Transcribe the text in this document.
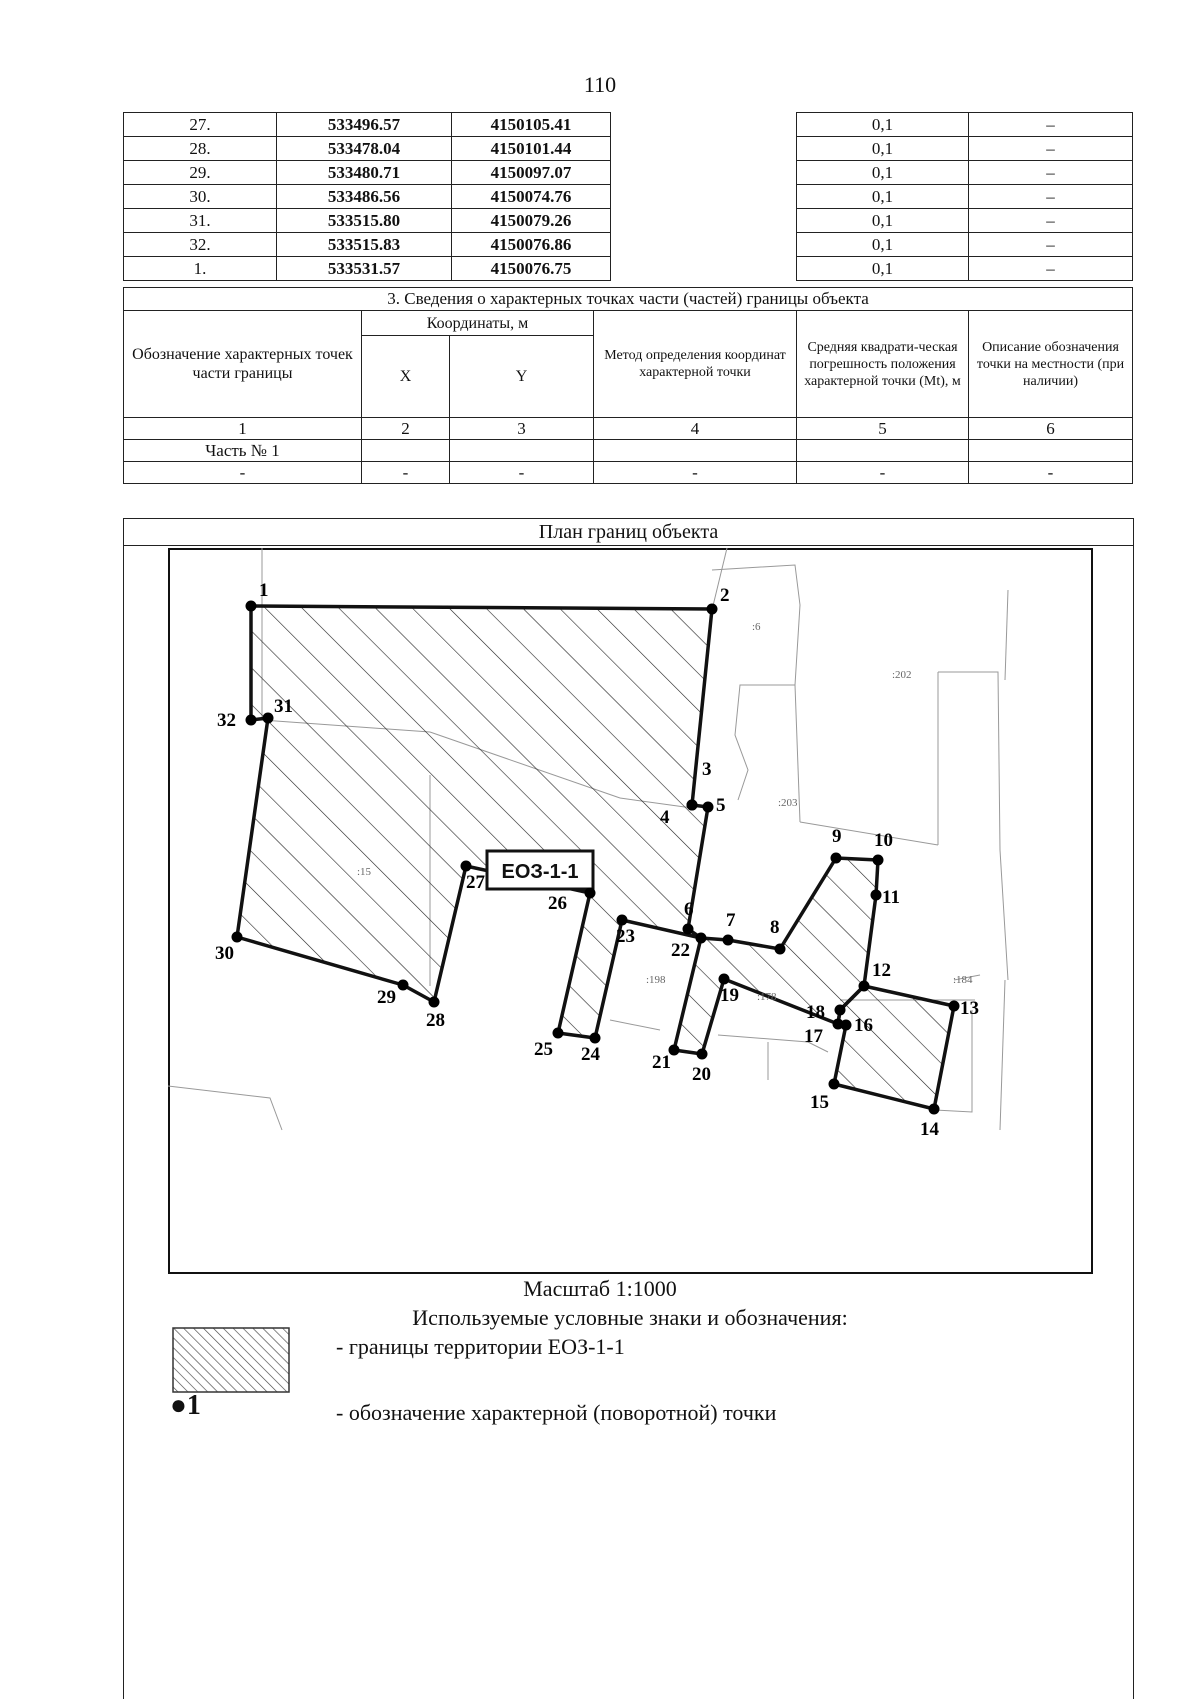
110
27.	533496.57	4150105.41		0,1	–
28.	533478.04	4150101.44		0,1	–
29.	533480.71	4150097.07		0,1	–
30.	533486.56	4150074.76		0,1	–
31.	533515.80	4150079.26		0,1	–
32.	533515.83	4150076.86		0,1	–
1.	533531.57	4150076.75		0,1	–
3. Сведения о характерных точках части (частей) границы объекта					
Обозначение характерных точек части границы	Координаты, м		Метод определения координат характерной точки	Средняя квадрати-ческая погрешность положения характерной точки (Mt), м	Описание обозначения точки на местности (при наличии)
	X	Y			
1	2	3	4	5	6
Часть № 1					
-	-	-	-	-	-
План границ объекта
:6
:202
:203
:15
:198
:178
:184
ЕОЗ-1-1
1	2
3
4
5
6
7 8
9 10
11
12
13
14
15
16
17
18
19
20
21
22
23
24
25
26
27
28
29
30
31
32
Масштаб 1:1000
Используемые условные знаки и обозначения:
- границы территории ЕОЗ-1-1
●1	- обозначение характерной (поворотной) точки
